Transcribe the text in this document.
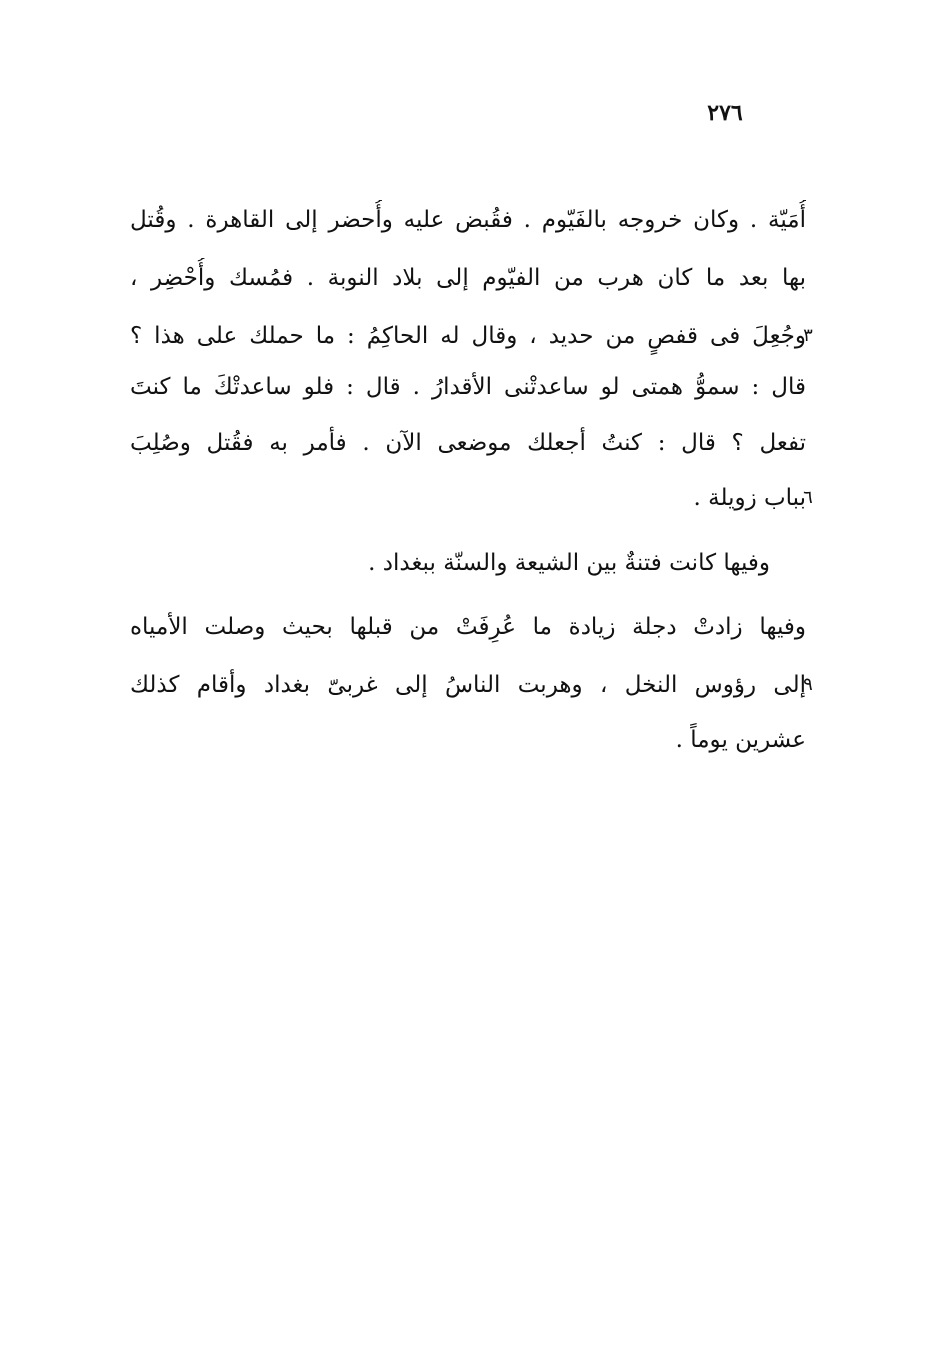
٢٧٦
أُمَيّة . وكان خروجه بالفَيّوم . فقُبض عليه وأُحضر إلى القاهرة . وقُتل
بها بعد ما كان هرب من الفيّوم إلى بلاد النوبة . فمُسك وأُحْضِر ،
وجُعِلَ فى قفصٍ من حديد ، وقال له الحاكِمُ : ما حملك على هذا ؟
٣
قال : سموُّ همتى لو ساعدتْنى الأقدارُ . قال : فلو ساعدتْكَ ما كنتَ
تفعل ؟ قال : كنتُ أجعلك موضعى الآن . فأمر به فقُتل وصُلِبَ
بباب زويلة .
٦
وفيها كانت فتنةٌ بين الشيعة والسنّة ببغداد .
وفيها زادتْ دجلة زيادة ما عُرِفَتْ من قبلها بحيث وصلت الأمياه
إلى رؤوس النخل ، وهربت الناسُ إلى غربىّ بغداد وأقام كذلك
٩
عشرين يوماً .
